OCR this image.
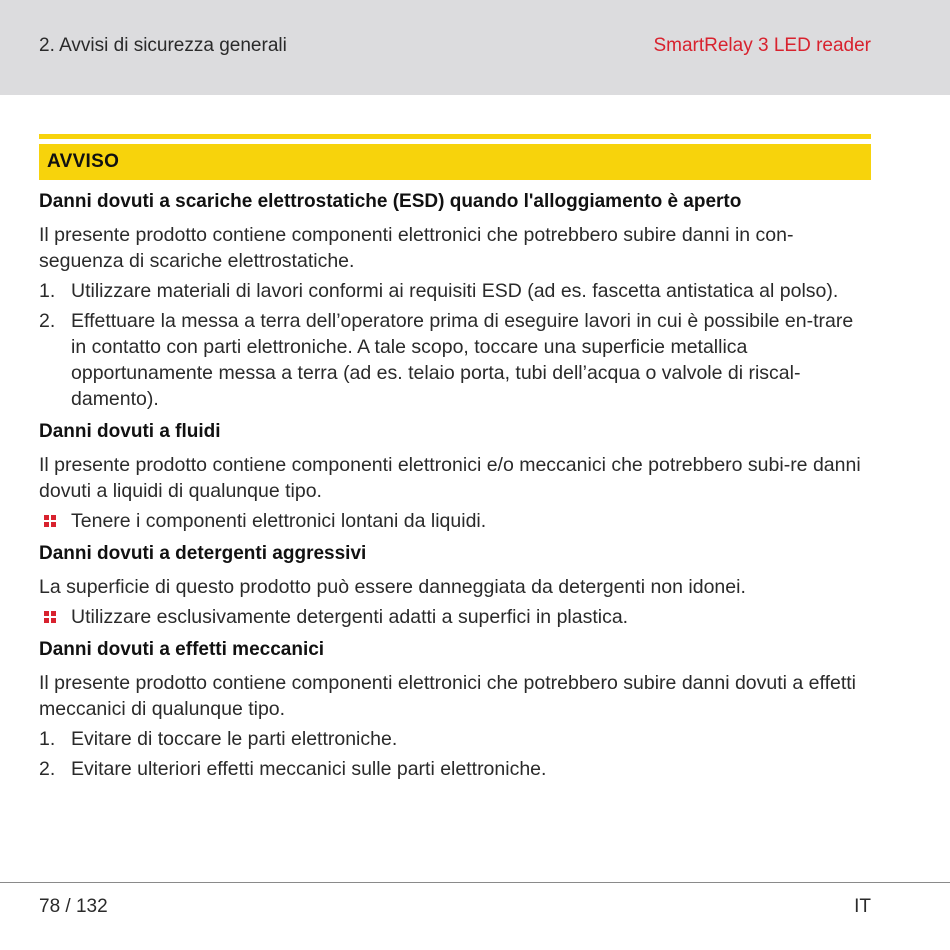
2. Avvisi di sicurezza generali	SmartRelay 3 LED reader
AVVISO
Danni dovuti a scariche elettrostatiche (ESD) quando l'alloggiamento è aperto

Il presente prodotto contiene componenti elettronici che potrebbero subire danni in con-seguenza di scariche elettrostatiche.

1. Utilizzare materiali di lavori conformi ai requisiti ESD (ad es. fascetta antistatica al polso).
2. Effettuare la messa a terra dell’operatore prima di eseguire lavori in cui è possibile en-trare in contatto con parti elettroniche. A tale scopo, toccare una superficie metallica opportunamente messa a terra (ad es. telaio porta, tubi dell’acqua o valvole di riscal-damento).
Danni dovuti a fluidi

Il presente prodotto contiene componenti elettronici e/o meccanici che potrebbero subi-re danni dovuti a liquidi di qualunque tipo.

Tenere i componenti elettronici lontani da liquidi.
Danni dovuti a detergenti aggressivi

La superficie di questo prodotto può essere danneggiata da detergenti non idonei.

Utilizzare esclusivamente detergenti adatti a superfici in plastica.
Danni dovuti a effetti meccanici

Il presente prodotto contiene componenti elettronici che potrebbero subire danni dovuti a effetti meccanici di qualunque tipo.

1. Evitare di toccare le parti elettroniche.
2. Evitare ulteriori effetti meccanici sulle parti elettroniche.
78 / 132	IT
